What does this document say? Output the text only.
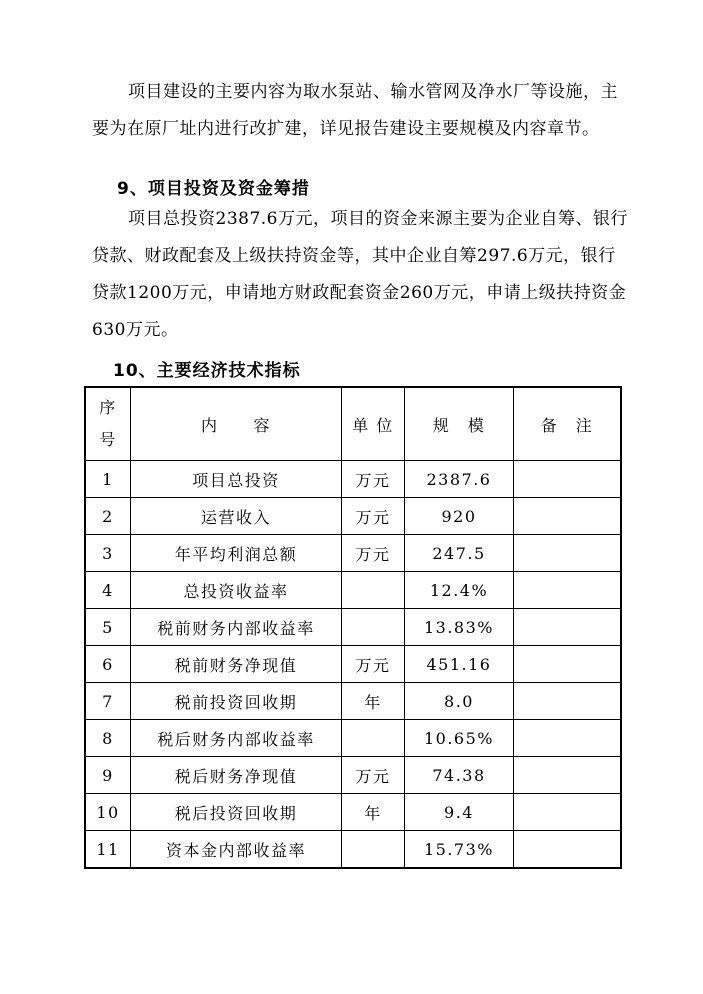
项目建设的主要内容为取水泵站、输水管网及净水厂等设施，主要为在原厂址内进行改扩建，详见报告建设主要规模及内容章节。

9、项目投资及资金筹措

项目总投资2387.6万元，项目的资金来源主要为企业自筹、银行贷款、财政配套及上级扶持资金等，其中企业自筹297.6万元，银行贷款1200万元，申请地方财政配套资金260万元，申请上级扶持资金630万元。

10、主要经济技术指标
序
号	内　　容	单 位	规　模	备　注
1	项目总投资	万元	2387.6	
2	运营收入	万元	920	
3	年平均利润总额	万元	247.5	
4	总投资收益率		12.4%	
5	税前财务内部收益率		13.83%	
6	税前财务净现值	万元	451.16	
7	税前投资回收期	年	8.0	
8	税后财务内部收益率		10.65%	
9	税后财务净现值	万元	74.38	
10	税后投资回收期	年	9.4	
11	资本金内部收益率		15.73%	
